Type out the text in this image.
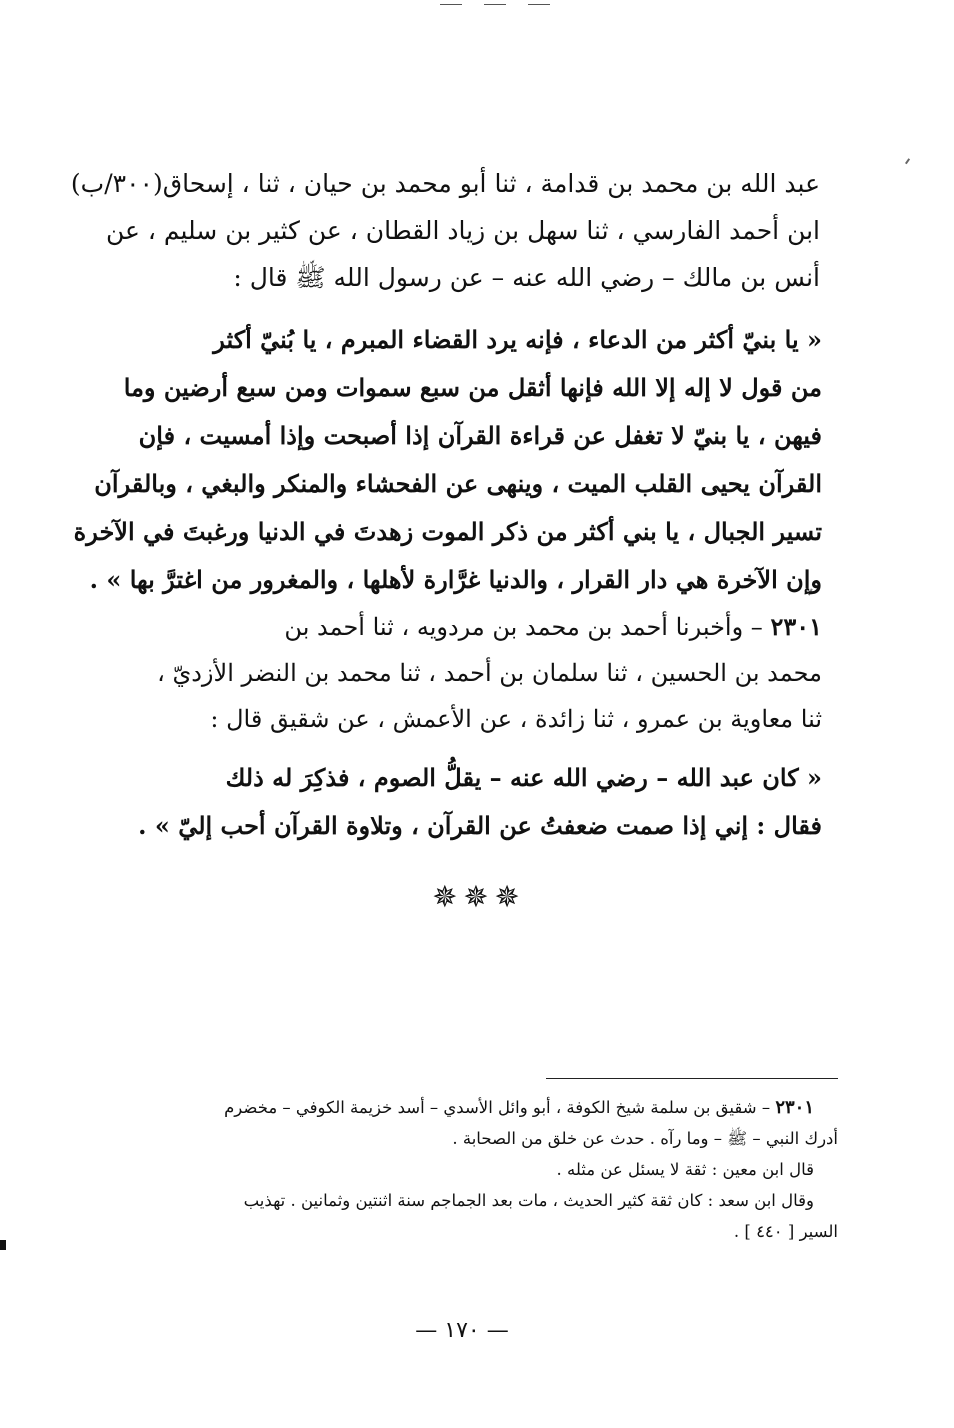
عبد الله بن محمد بن قدامة ، ثنا أبو محمد بن حيان ، ثنا ، إسحاق(٣٠٠/ب)
ابن أحمد الفارسي ، ثنا سهل بن زياد القطان ، عن كثير بن سليم ، عن
أنس بن مالك – رضي الله عنه – عن رسول الله ﷺ قال :
« يا بنيّ أكثر من الدعاء ، فإنه يرد القضاء المبرم ، يا بُنيّ أكثر
من قول لا إله إلا الله فإنها أثقل من سبع سموات ومن سبع أرضين وما
فيهن ، يا بنيّ لا تغفل عن قراءة القرآن إذا أصبحت وإذا أمسيت ، فإن
القرآن يحيى القلب الميت ، وينهى عن الفحشاء والمنكر والبغي ، وبالقرآن
تسير الجبال ، يا بني أكثر من ذكر الموت زهدتَ في الدنيا ورغبتَ في الآخرة
وإن الآخرة هي دار القرار ، والدنيا غرَّارة لأهلها ، والمغرور من اغترَّ بها » .
٢٣٠١ – وأخبرنا أحمد بن محمد بن مردويه ، ثنا أحمد بن
محمد بن الحسين ، ثنا سلمان بن أحمد ، ثنا محمد بن النضر الأزديّ ،
ثنا معاوية بن عمرو ، ثنا زائدة ، عن الأعمش ، عن شقيق قال :
« كان عبد الله – رضي الله عنه – يقلُّ الصوم ، فذكِرَ له ذلك
فقال : إني إذا صمت ضعفتُ عن القرآن ، وتلاوة القرآن أحب إليّ » .
✵✵✵
٢٣٠١ – شقيق بن سلمة شيخ الكوفة ، أبو وائل الأسدي – أسد خزيمة الكوفي – مخضرم
أدرك النبي – ﷺ – وما رآه . حدث عن خلق من الصحابة .
قال ابن معين : ثقة لا يسئل عن مثله .
وقال ابن سعد : كان ثقة كثير الحديث ، مات بعد الجماجم سنة اثنتين وثمانين . تهذيب
السير [ ٤٤٠ ] .
— ١٧٠ —
